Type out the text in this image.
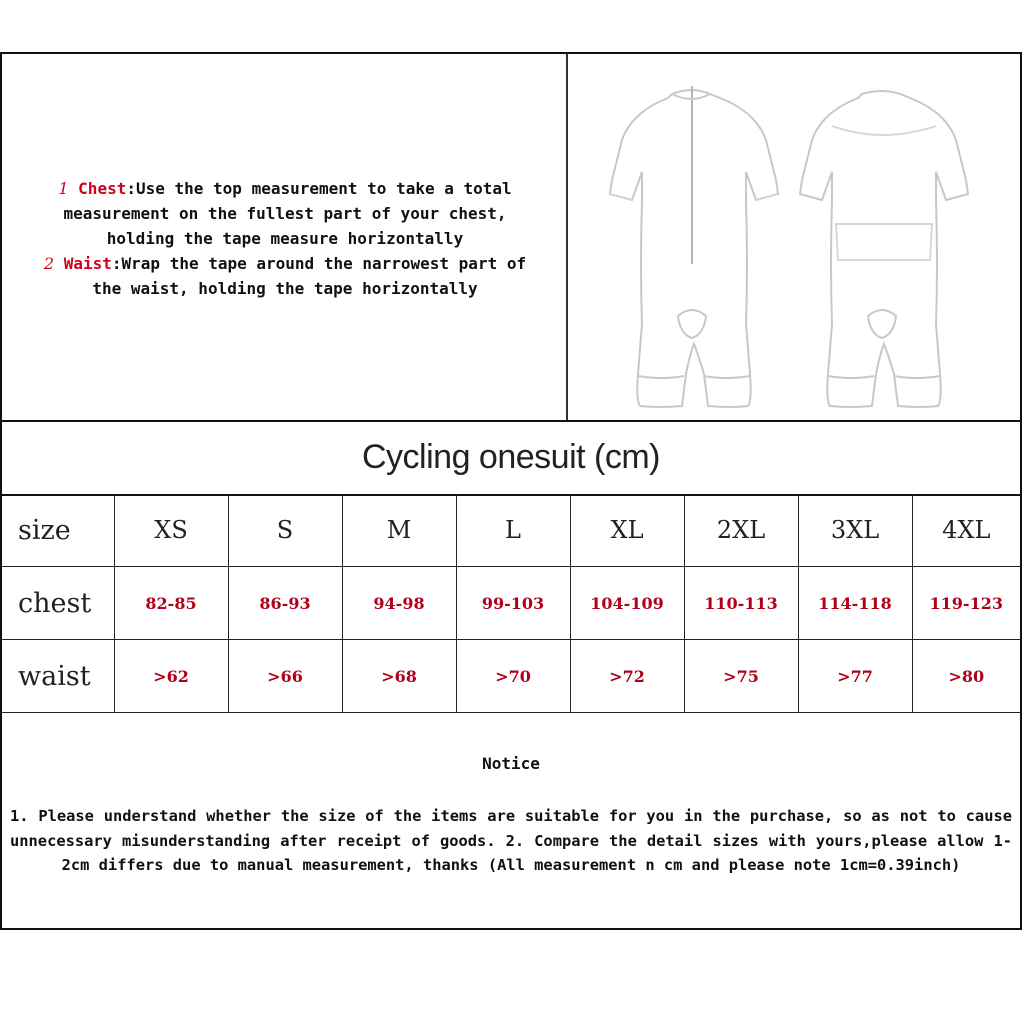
1 Chest:Use the top measurement to take a total
measurement on the fullest part of your chest,
holding the tape measure horizontally
2 Waist:Wrap the tape around the narrowest part of
the waist, holding the tape horizontally
Cycling onesuit (cm)
size	XS	S	M	L	XL	2XL	3XL	4XL
chest	82-85	86-93	94-98	99-103	104-109	110-113	114-118	119-123
waist	>62	>66	>68	>70	>72	>75	>77	>80
Notice
1. Please understand whether the size of the items are suitable for you in the purchase, so as not to cause unnecessary misunderstanding after receipt of goods. 2. Compare the detail sizes with yours,please allow 1-2cm differs due to manual measurement, thanks (All measurement n cm and please note 1cm=0.39inch)
